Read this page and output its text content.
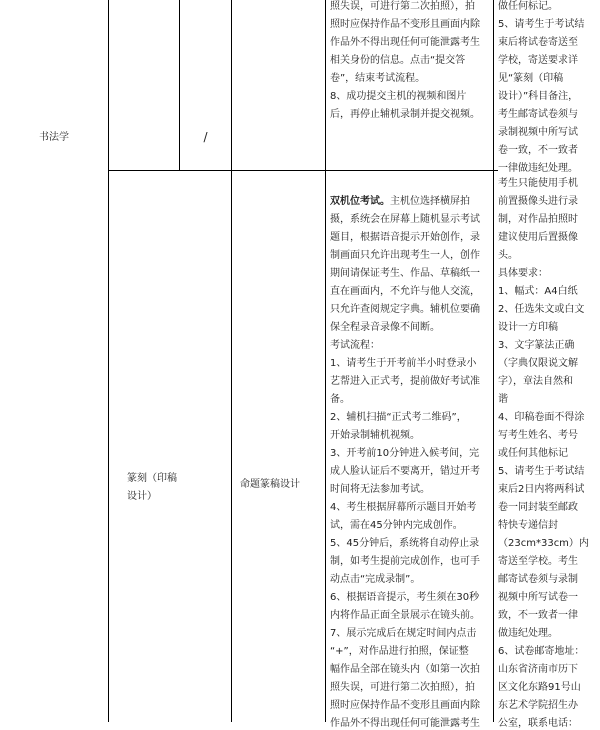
书法学	/
照失误，可进行第二次拍照），拍
照时应保持作品不变形且画面内除
作品外不得出现任何可能泄露考生
相关身份的信息。点击“提交答
卷”，结束考试流程。
8、成功提交主机的视频和图片
后，再停止辅机录制并提交视频。
做任何标记。
5、请考生于考试结
束后将试卷寄送至
学校，寄送要求详
见“篆刻（印稿
设计）”科目备注，
考生邮寄试卷须与
录制视频中所写试
卷一致，不一致者
一律做违纪处理。
篆刻（印稿
设计）
命题篆稿设计
双机位考试。主机位选择横屏拍
摄，系统会在屏幕上随机显示考试
题目，根据语音提示开始创作，录
制画面只允许出现考生一人，创作
期间请保证考生、作品、草稿纸一
直在画面内，不允许与他人交流，
只允许查阅规定字典。辅机位要确
保全程录音录像不间断。
考试流程：
1、请考生于开考前半小时登录小
艺帮进入正式考，提前做好考试准
备。
2、辅机扫描“正式考二维码”，
开始录制辅机视频。
3、开考前10分钟进入候考间，完
成人脸认证后不要离开，错过开考
时间将无法参加考试。
4、考生根据屏幕所示题目开始考
试，需在45分钟内完成创作。
5、45分钟后，系统将自动停止录
制，如考生提前完成创作，也可手
动点击“完成录制”。
6、根据语音提示，考生须在30秒
内将作品正面全景展示在镜头前。
7、展示完成后在规定时间内点击
“+”，对作品进行拍照，保证整
幅作品全部在镜头内（如第一次拍
照失误，可进行第二次拍照），拍
照时应保持作品不变形且画面内除
作品外不得出现任何可能泄露考生
考生只能使用手机
前置摄像头进行录
制，对作品拍照时
建议使用后置摄像
头。
具体要求：
1、幅式：A4白纸
2、任选朱文或白文
设计一方印稿
3、文字篆法正确
（字典仅限说文解
字），章法自然和
谐
4、印稿卷面不得涂
写考生姓名、考号
或任何其他标记
5、请考生于考试结
束后2日内将两科试
卷一同封装至邮政
特快专递信封
（23cm*33cm）内
寄送至学校。考生
邮寄试卷须与录制
视频中所写试卷一
致，不一致者一律
做违纪处理。
6、试卷邮寄地址：
山东省济南市历下
区文化东路91号山
东艺术学院招生办
公室，联系电话：
